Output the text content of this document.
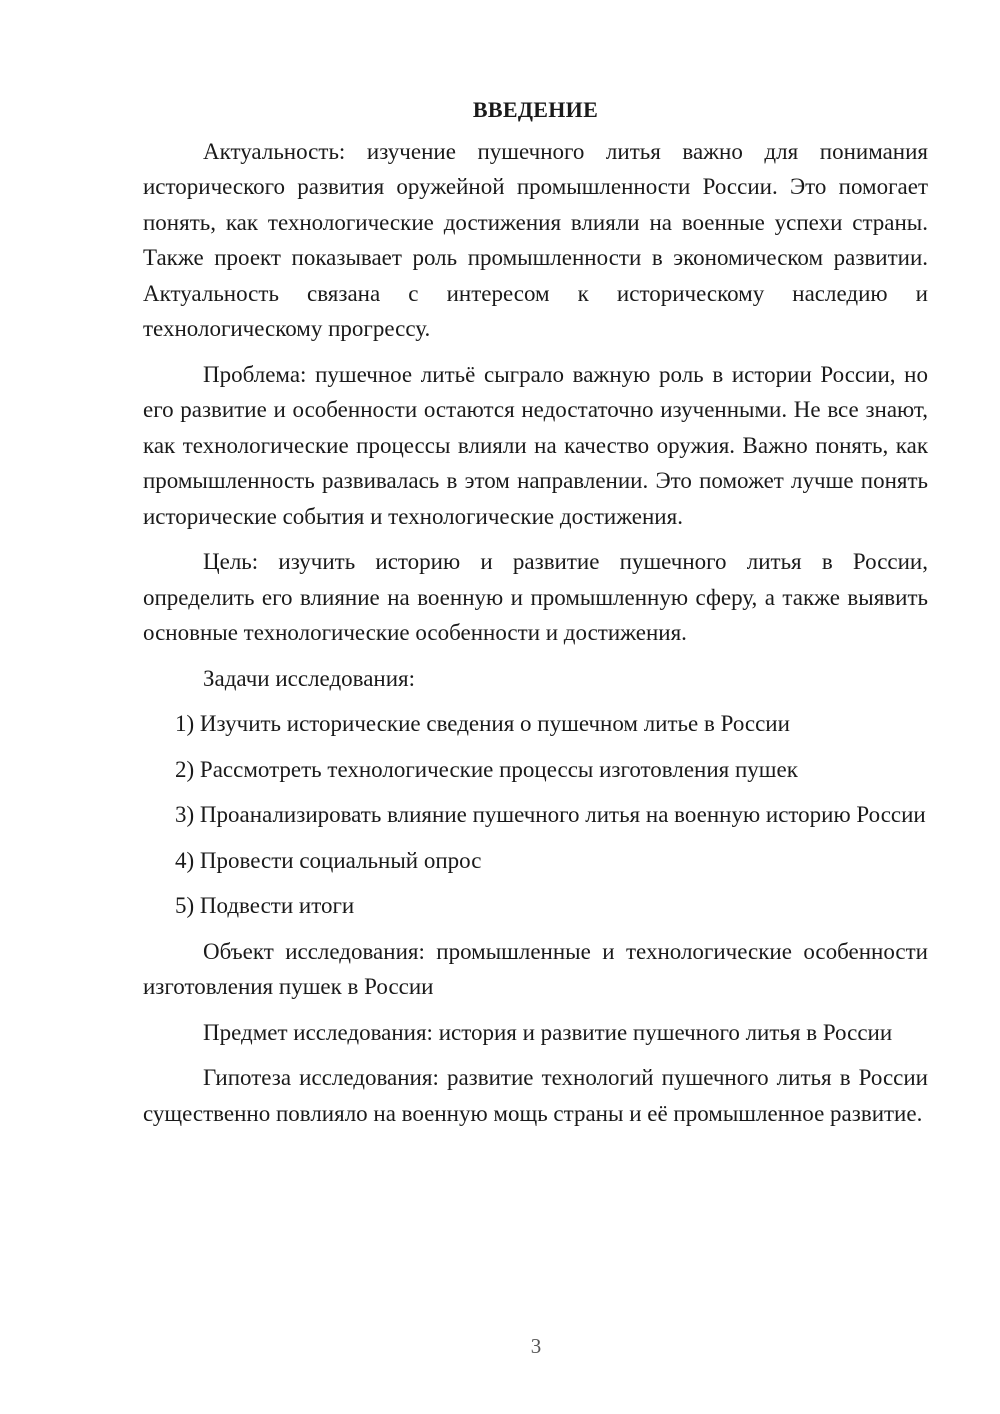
ВВЕДЕНИЕ

Актуальность: изучение пушечного литья важно для понимания исторического развития оружейной промышленности России. Это помогает понять, как технологические достижения влияли на военные успехи страны. Также проект показывает роль промышленности в экономическом развитии. Актуальность связана с интересом к историческому наследию и технологическому прогрессу.

Проблема: пушечное литьё сыграло важную роль в истории России, но его развитие и особенности остаются недостаточно изученными. Не все знают, как технологические процессы влияли на качество оружия. Важно понять, как промышленность развивалась в этом направлении. Это поможет лучше понять исторические события и технологические достижения.

Цель: изучить историю и развитие пушечного литья в России, определить его влияние на военную и промышленную сферу, а также выявить основные технологические особенности и достижения.

Задачи исследования:

1) Изучить исторические сведения о пушечном литье в России

2) Рассмотреть технологические процессы изготовления пушек

3) Проанализировать влияние пушечного литья на военную историю России

4) Провести социальный опрос

5) Подвести итоги

Объект исследования: промышленные и технологические особенности изготовления пушек в России

Предмет исследования: история и развитие пушечного литья в России

Гипотеза исследования: развитие технологий пушечного литья в России существенно повлияло на военную мощь страны и её промышленное развитие.

3
